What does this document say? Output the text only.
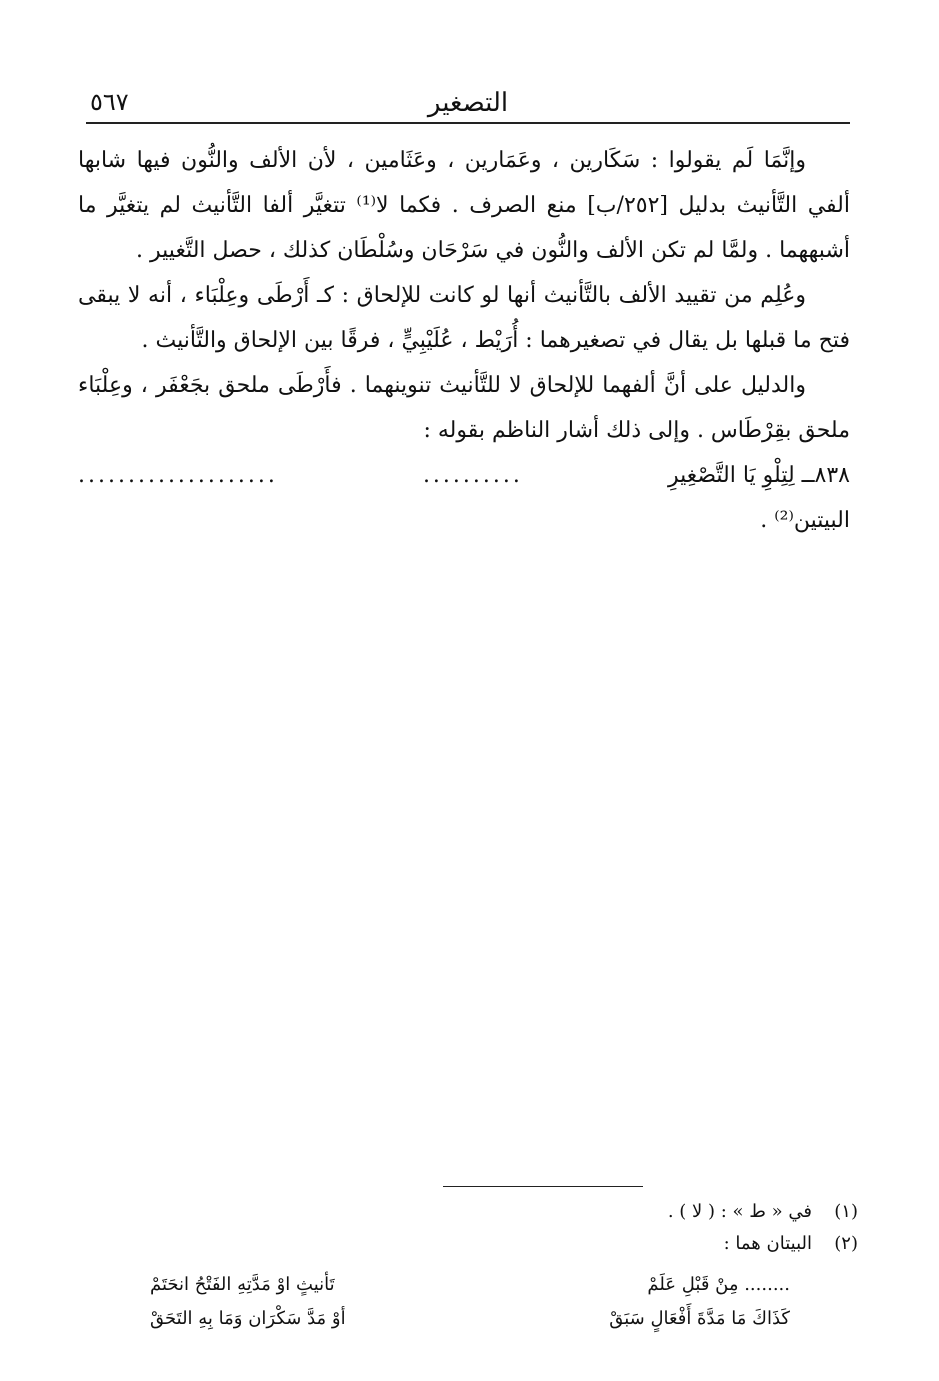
التصغير
٥٦٧

وإنَّمَا لَم يقولوا : سَكَارين ، وعَمَارين ، وعَثَامين ، لأن الألف والنُّون فيها شابها ألفي التَّأنيث بدليل [٢٥٢/ب] منع الصرف . فكما لا⁽¹⁾ تتغيَّر ألفا التَّأنيث لم يتغيَّر ما أشبههما . ولمَّا لم تكن الألف والنُّون في سَرْحَان وسُلْطَان كذلك ، حصل التَّغيير .

وعُلِم من تقييد الألف بالتَّأنيث أنها لو كانت للإلحاق : كـ أَرْطَى وعِلْبَاء ، أنه لا يبقى فتح ما قبلها بل يقال في تصغيرهما : أُرَيْط ، عُلَيْبِيٍّ ، فرقًا بين الإلحاق والتَّأنيث .

والدليل على أنَّ ألفهما للإلحاق لا للتَّأنيث تنوينهما . فأَرْطَى ملحق بجَعْفَر ، وعِلْبَاء ملحق بقِرْطَاس . وإلى ذلك أشار الناظم بقوله :

٨٣٨ــ لِتِلْوِ يَا التَّصْغِيرِ
..........
....................

البيتين⁽²⁾ .

(١)
في « ط » : ( لا ) .
(٢)
البيتان هما :
........ مِنْ قَبْلِ عَلَمْ
تَأنيثٍ اوْ مَدَّتِهِ الفَتْحُ انحَتَمْ
كَذَاكَ مَا مَدَّةَ أَفْعَالٍ سَبَقْ
أوْ مَدَّ سَكْرَان وَمَا بِهِ التَحَقْ
